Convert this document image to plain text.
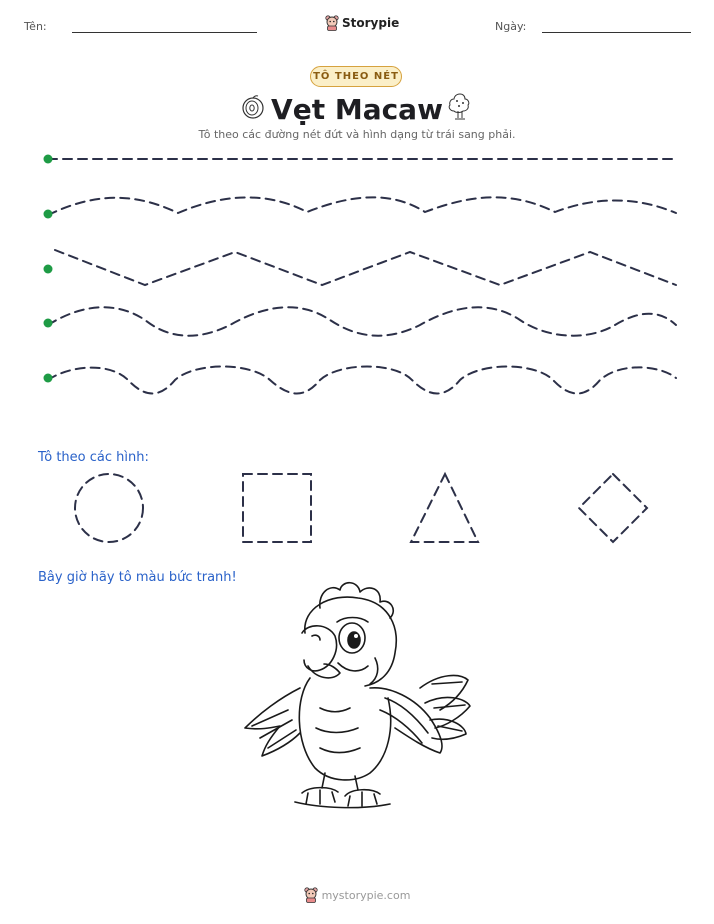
Tên:	Storypie	Ngày:
TÔ THEO NÉT
Vẹt Macaw
Tô theo các đường nét đứt và hình dạng từ trái sang phải.
Tô theo các hình:
Bây giờ hãy tô màu bức tranh!
mystorypie.com
